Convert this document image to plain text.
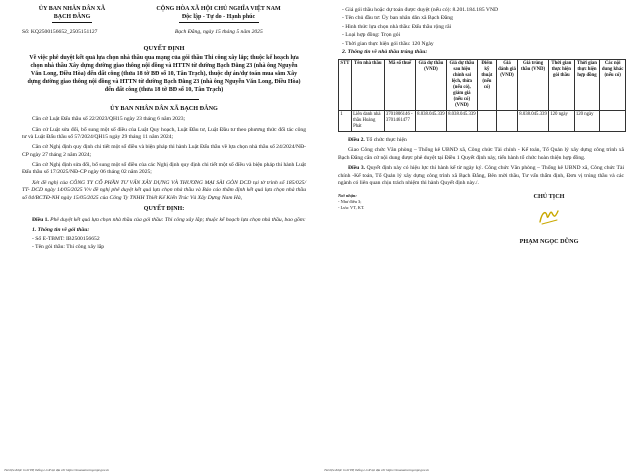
ỦY BAN NHÂN DÂN XÃ
BẠCH ĐẰNG
CỘNG HÒA XÃ HỘI CHỦ NGHĨA VIỆT NAM
Độc lập - Tự do - Hạnh phúc
Số: KQ2500156652_2505151127	Bạch Đằng, ngày 15 tháng 5 năm 2025
QUYẾT ĐỊNH
Về việc phê duyệt kết quả lựa chọn nhà thầu qua mạng của gói thầu Thi công xây lắp; thuộc kế hoạch lựa chọn nhà thầu Xây dựng đường giao thông nội đồng và HTTN từ đường Bạch Đằng 23 (nhà ông Nguyễn Văn Long, Điều Hòa) đến đất công (thửa 18 tờ BĐ số 10, Tân Trạch), thuộc dự án/dự toán mua sắm Xây dựng đường giao thông nội đồng và HTTN từ đường Bạch Đằng 23 (nhà ông Nguyễn Văn Long, Điều Hòa) đến đất công (thửa 18 tờ BĐ số 10, Tân Trạch)
ỦY BAN NHÂN DÂN XÃ BẠCH ĐẰNG
Căn cứ Luật Đấu thầu số 22/2023/QH15 ngày 23 tháng 6 năm 2023;
Căn cứ Luật sửa đổi, bổ sung một số điều của Luật Quy hoạch, Luật Đầu tư, Luật Đầu tư theo phương thức đối tác công tư và Luật Đấu thầu số 57/2024/QH15 ngày 29 tháng 11 năm 2024;
Căn cứ Nghị định quy định chi tiết một số điều và biện pháp thi hành Luật Đấu thầu về lựa chọn nhà thầu số 24/2024/NĐ-CP ngày 27 tháng 2 năm 2024;
Căn cứ Nghị định sửa đổi, bổ sung một số điều của các Nghị định quy định chi tiết một số điều và biện pháp thi hành Luật Đấu thầu số 17/2025/NĐ-CP ngày 06 tháng 02 năm 2025;
Xét đề nghị của CÔNG TY CỔ PHẦN TƯ VẤN XÂY DỰNG VÀ THƯƠNG MẠI SÀI GÒN DCD tại tờ trình số 185/025/ TT- DCD ngày 14/05/2025 V/v đề nghị phê duyệt kết quả lựa chọn nhà thầu và Báo cáo thẩm định kết quả lựa chọn nhà thầu số 04/BCTĐ-NH ngày 15/05/2025 của Công Ty TNHH Thiết Kế Kiến Trúc Và Xây Dựng Nam Hà,
QUYẾT ĐỊNH:
Điều 1. Phê duyệt kết quả lựa chọn nhà thầu của gói thầu: Thi công xây lắp; thuộc kế hoạch lựa chọn nhà thầu, bao gồm:
1. Thông tin về gói thầu:
- Số E-TBMT: IB2500156652
- Tên gói thầu: Thi công xây lắp
Tài liệu được in từ Hệ thống e-GP tại địa chỉ https://muasamcong.mpi.gov.vn
- Giá gói thầu hoặc dự toán được duyệt (nếu có): 8.201.184.185 VND
- Tên chủ đầu tư: Ủy ban nhân dân xã Bạch Đằng
- Hình thức lựa chọn nhà thầu: Đấu thầu rộng rãi
- Loại hợp đồng: Trọn gói
- Thời gian thực hiện gói thầu: 120 Ngày
2. Thông tin về nhà thầu trúng thầu:
STT	Tên nhà thầu	Mã số thuế	Giá dự thầu (VND)	Giá dự thầu sau hiệu chỉnh sai lệch, thừa (nếu có), giảm giá (nếu có) (VND)	Điểm kỹ thuật (nếu có)	Giá đánh giá (VND)	Giá trúng thầu (VND)	Thời gian thực hiện gói thầu	Thời gian thực hiện hợp đồng	Các nội dung khác (nếu có)
1	Liên danh nhà thầu Hoàng Phát	3701806146 - 3701461477	8.038.045.339	8.038.045.339			8.038.045.339	120 ngày	120 ngày	
Điều 2. Tổ chức thực hiện
Giao Công chức Văn phòng – Thống kê UBND xã, Công chức Tài chính - Kế toán, Tổ Quản lý xây dựng công trình xã Bạch Đằng căn cứ nội dung được phê duyệt tại Điều 1 Quyết định này, tiến hành tổ chức hoàn thiện hợp đồng.
Điều 3. Quyết định này có hiệu lực thi hành kể từ ngày ký. Công chức Văn phòng – Thống kê UBND xã, Công chức Tài chính -Kế toán, Tổ Quản lý xây dựng công trình xã Bạch Đằng, Bên mời thầu, Tư vấn thẩm định, Đơn vị trúng thầu và các ngành có liên quan chịu trách nhiệm thi hành Quyết định này./.
Nơi nhận:
- Như điều 3;
- Lưu: VT, KT.
CHỦ TỊCH
PHẠM NGỌC DŨNG
Tài liệu được in từ Hệ thống e-GP tại địa chỉ https://muasamcong.mpi.gov.vn
